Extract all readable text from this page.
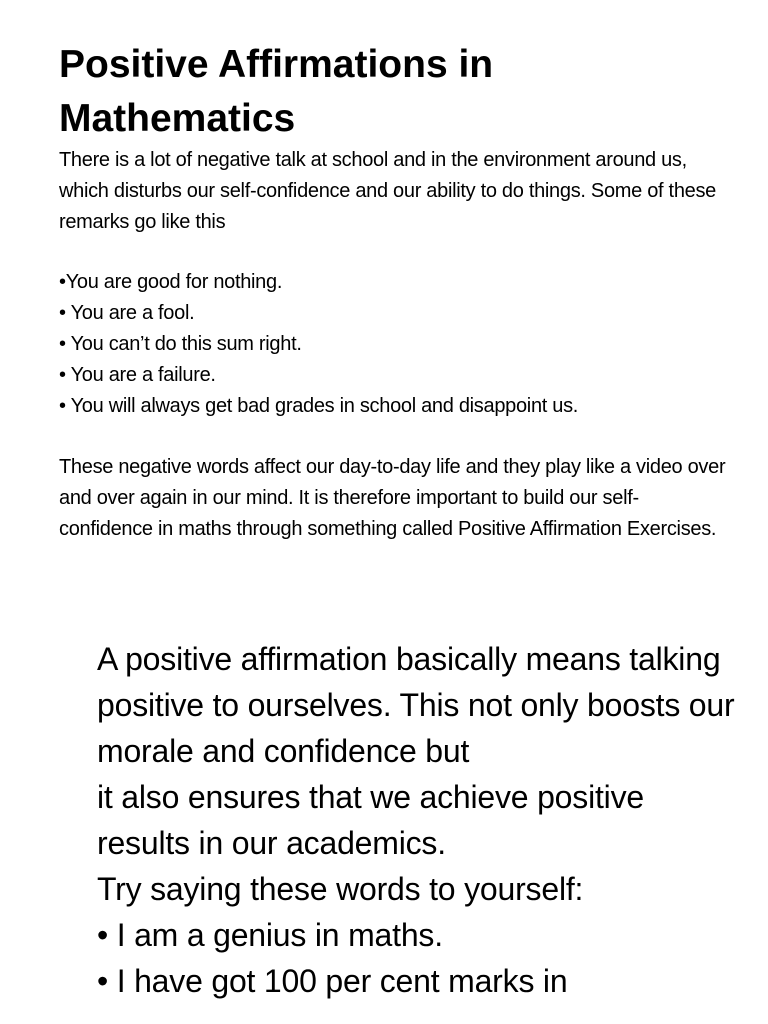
Positive Affirmations in Mathematics

There is a lot of negative talk at school and in the environment around us, which disturbs our self-confidence and our ability to do things. Some of these remarks go like this

•You are good for nothing.
• You are a fool.
• You can’t do this sum right.
• You are a failure.
• You will always get bad grades in school and disappoint us.

These negative words affect our day-to-day life and they play like a video over and over again in our mind. It is therefore important to build our self-confidence in maths through something called Positive Affirmation Exercises.

A positive affirmation basically means talking positive to ourselves. This not only boosts our morale and confidence but

it also ensures that we achieve positive results in our academics.

Try saying these words to yourself:

• I am a genius in maths.
• I have got 100 per cent marks in
